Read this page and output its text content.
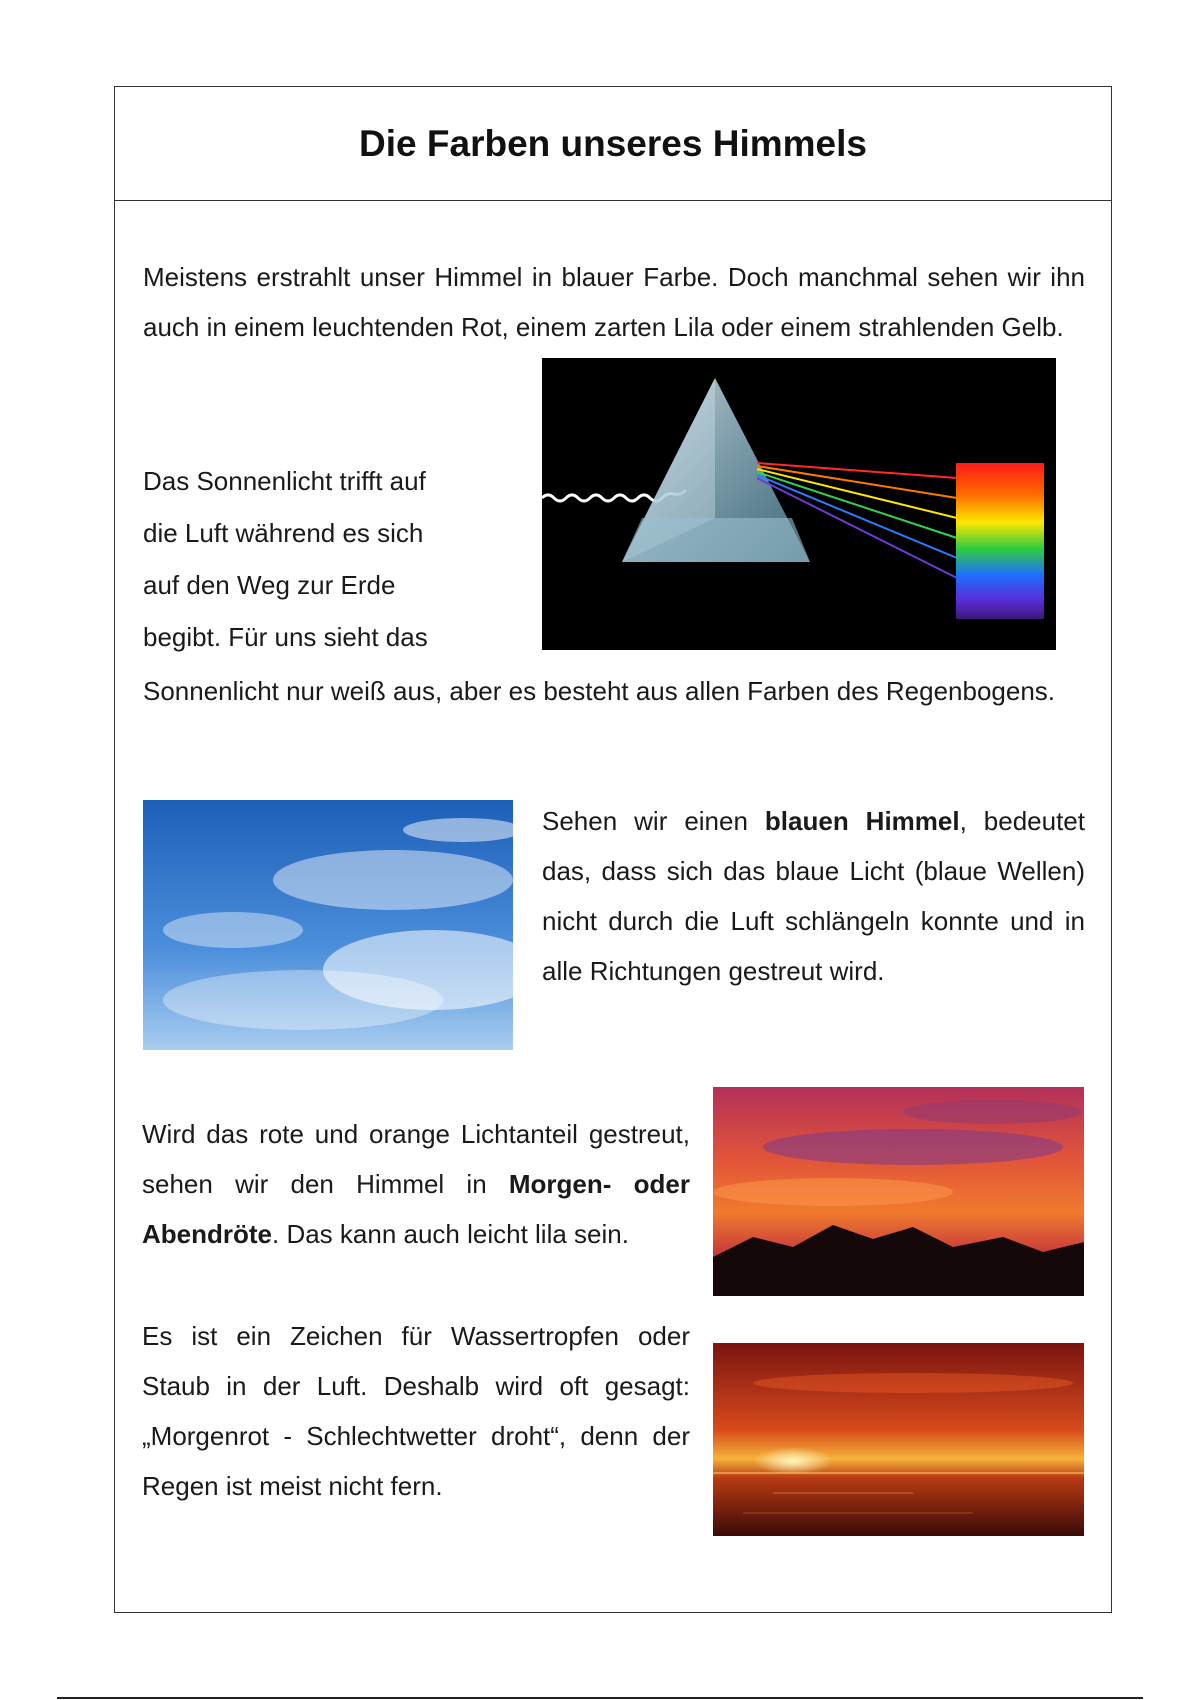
Die Farben unseres Himmels
Meistens erstrahlt unser Himmel in blauer Farbe. Doch manchmal sehen wir ihn auch in einem leuchtenden Rot, einem zarten Lila oder einem strahlenden Gelb.
Das Sonnenlicht trifft auf
die Luft während es sich
auf den Weg zur Erde
begibt. Für uns sieht das
Sonnenlicht nur weiß aus, aber es besteht aus allen Farben des Regenbogens.
Sehen wir einen blauen Himmel, bedeutet das, dass sich das blaue Licht (blaue Wellen) nicht durch die Luft schlängeln konnte und in alle Richtungen gestreut wird.
Wird das rote und orange Lichtanteil gestreut, sehen wir den Himmel in Morgen- oder Abendröte. Das kann auch leicht lila sein.
Es ist ein Zeichen für Wassertropfen oder Staub in der Luft. Deshalb wird oft gesagt: „Morgenrot - Schlechtwetter droht“, denn der Regen ist meist nicht fern.
